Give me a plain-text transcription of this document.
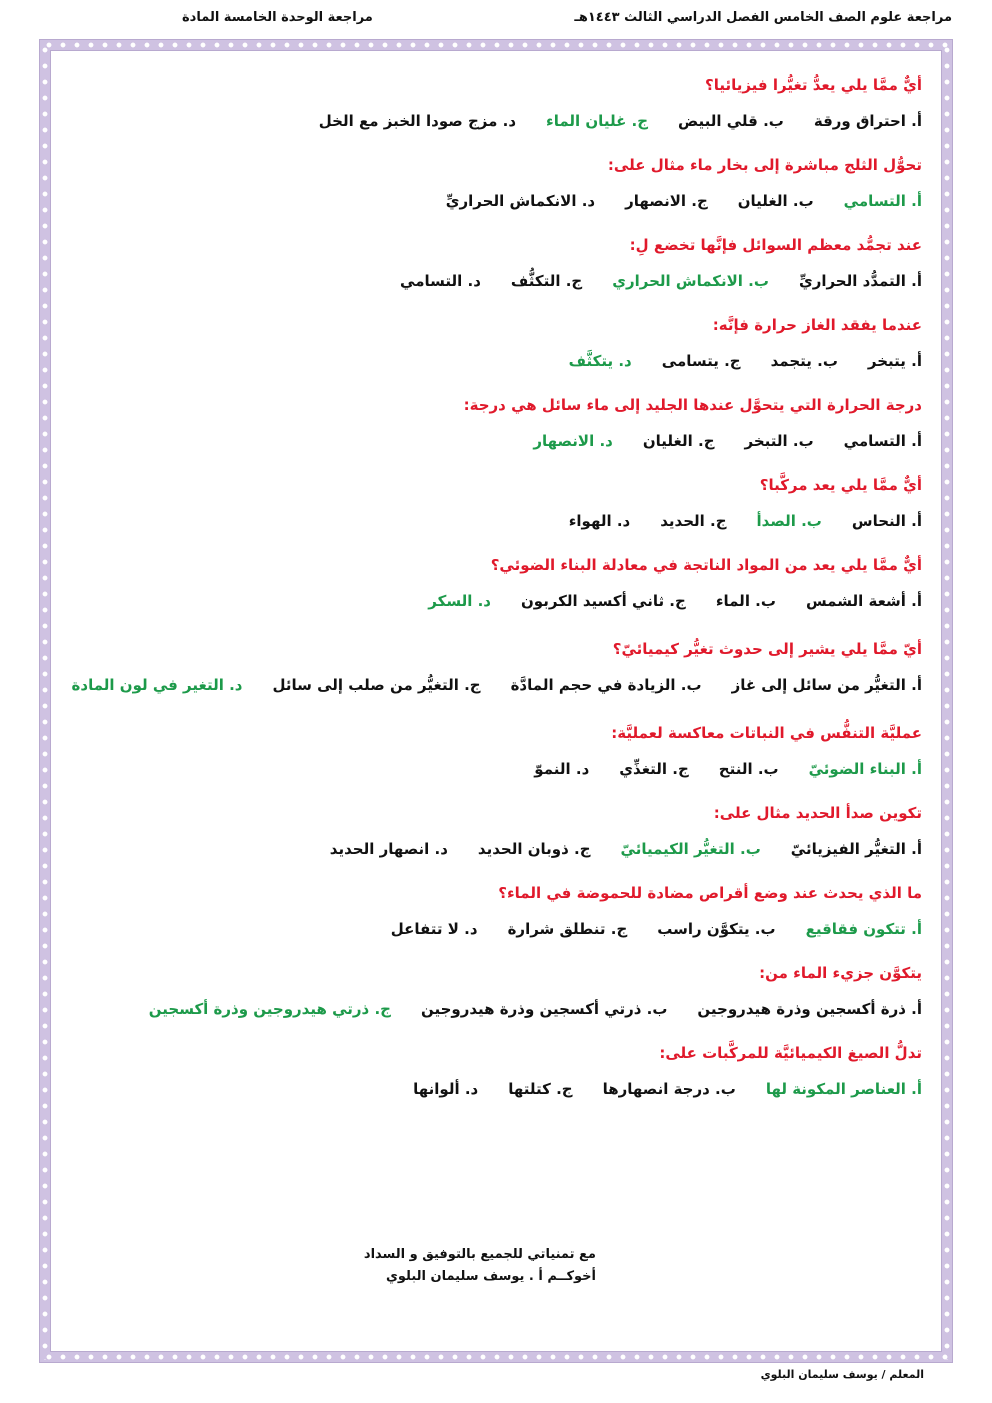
مراجعة علوم الصف الخامس الفصل الدراسي الثالث ١٤٤٣هـ
مراجعة الوحدة الخامسة المادة
أيٌّ ممَّا يلي يعدُّ تغيُّرا فيزيائيا؟
أ. احتراق ورقة
ب. قلي البيض
ج. غليان الماء
د. مزج صودا الخبز مع الخل
تحوُّل الثلج مباشرة إلى بخار ماء مثال على:
أ. التسامي
ب. الغليان
ج. الانصهار
د. الانكماش الحراريِّ
عند تجمُّد معظم السوائل فإنَّها تخضع لِ:
أ. التمدُّد الحراريِّ
ب. الانكماش الحراري
ج. التكثُّف
د. التسامي
عندما يفقد الغاز حرارة فإنَّه:
أ. يتبخر
ب. يتجمد
ج. يتسامى
د. يتكثَّف
درجة الحرارة التي يتحوَّل عندها الجليد إلى ماء سائل هي درجة:
أ. التسامي
ب. التبخر
ج. الغليان
د. الانصهار
أيٌّ ممَّا يلي يعد مركَّبا؟
أ. النحاس
ب. الصدأ
ج. الحديد
د. الهواء
أيٌّ ممَّا يلي يعد من المواد الناتجة في معادلة البناء الضوئي؟
أ. أشعة الشمس
ب. الماء
ج. ثاني أكسيد الكربون
د. السكر
أيّ ممَّا يلي يشير إلى حدوث تغيُّر كيميائيّ؟
أ. التغيُّر من سائل إلى غاز
ب. الزيادة في حجم المادَّة
ج. التغيُّر من صلب إلى سائل
د. التغير في لون المادة
عمليَّة التنفُّس في النباتات معاكسة لعمليَّة:
أ. البناء الضوئيّ
ب. النتح
ج. التغذِّي
د. النموّ
تكوين صدأ الحديد مثال على:
أ. التغيُّر الفيزيائيّ
ب. التغيُّر الكيميائيّ
ج. ذوبان الحديد
د. انصهار الحديد
ما الذي يحدث عند وضع أقراص مضادة للحموضة في الماء؟
أ. تتكون فقاقيع
ب. يتكوَّن راسب
ج. تنطلق شرارة
د. لا تتفاعل
يتكوَّن جزيء الماء من:
أ. ذرة أكسجين وذرة هيدروجين
ب. ذرتي أكسجين وذرة هيدروجين
ج. ذرتي هيدروجين وذرة أكسجين
تدلُّ الصيغ الكيميائيَّة للمركَّبات على:
أ. العناصر المكونة لها
ب. درجة انصهارها
ج. كتلتها
د. ألوانها
مع تمنياتي للجميع بالتوفيق و السداد
أخوكــم أ . يوسف سليمان البلوي
المعلم / يوسف سليمان البلوي
